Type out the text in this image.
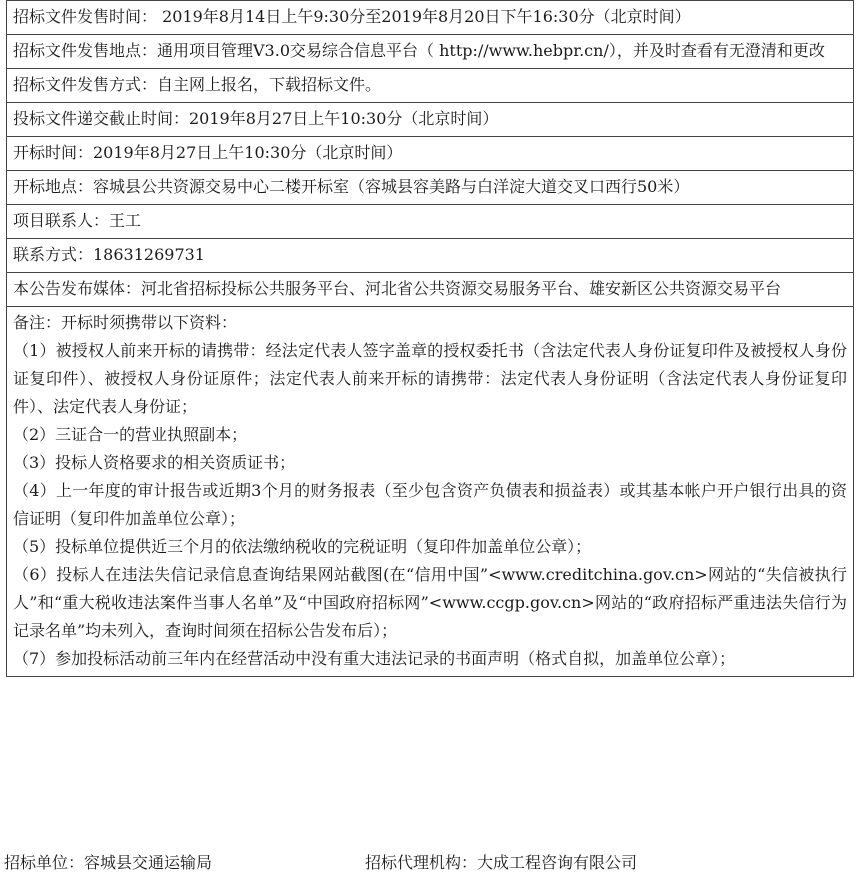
招标文件发售时间： 2019年8月14日上午9:30分至2019年8月20日下午16:30分（北京时间）
招标文件发售地点：通用项目管理V3.0交易综合信息平台（ http://www.hebpr.cn/），并及时查看有无澄清和更改
招标文件发售方式：自主网上报名，下载招标文件。
投标文件递交截止时间：2019年8月27日上午10:30分（北京时间）
开标时间：2019年8月27日上午10:30分（北京时间）
开标地点：容城县公共资源交易中心二楼开标室（容城县容美路与白洋淀大道交叉口西行50米）
项目联系人：王工
联系方式：18631269731
本公告发布媒体：河北省招标投标公共服务平台、河北省公共资源交易服务平台、雄安新区公共资源交易平台

备注：开标时须携带以下资料：
（1）被授权人前来开标的请携带：经法定代表人签字盖章的授权委托书（含法定代表人身份证复印件及被授权人身份证复印件）、被授权人身份证原件；法定代表人前来开标的请携带：法定代表人身份证明（含法定代表人身份证复印件）、法定代表人身份证；
（2）三证合一的营业执照副本；
（3）投标人资格要求的相关资质证书；
（4）上一年度的审计报告或近期3个月的财务报表（至少包含资产负债表和损益表）或其基本帐户开户银行出具的资信证明（复印件加盖单位公章）；
（5）投标单位提供近三个月的依法缴纳税收的完税证明（复印件加盖单位公章）；
（6）投标人在违法失信记录信息查询结果网站截图(在“信用中国”<www.creditchina.gov.cn>网站的“失信被执行人”和“重大税收违法案件当事人名单”及“中国政府招标网”<www.ccgp.gov.cn>网站的“政府招标严重违法失信行为记录名单”均未列入，查询时间须在招标公告发布后）；
（7）参加投标活动前三年内在经营活动中没有重大违法记录的书面声明（格式自拟，加盖单位公章）；
招标单位：容城县交通运输局	招标代理机构：大成工程咨询有限公司
